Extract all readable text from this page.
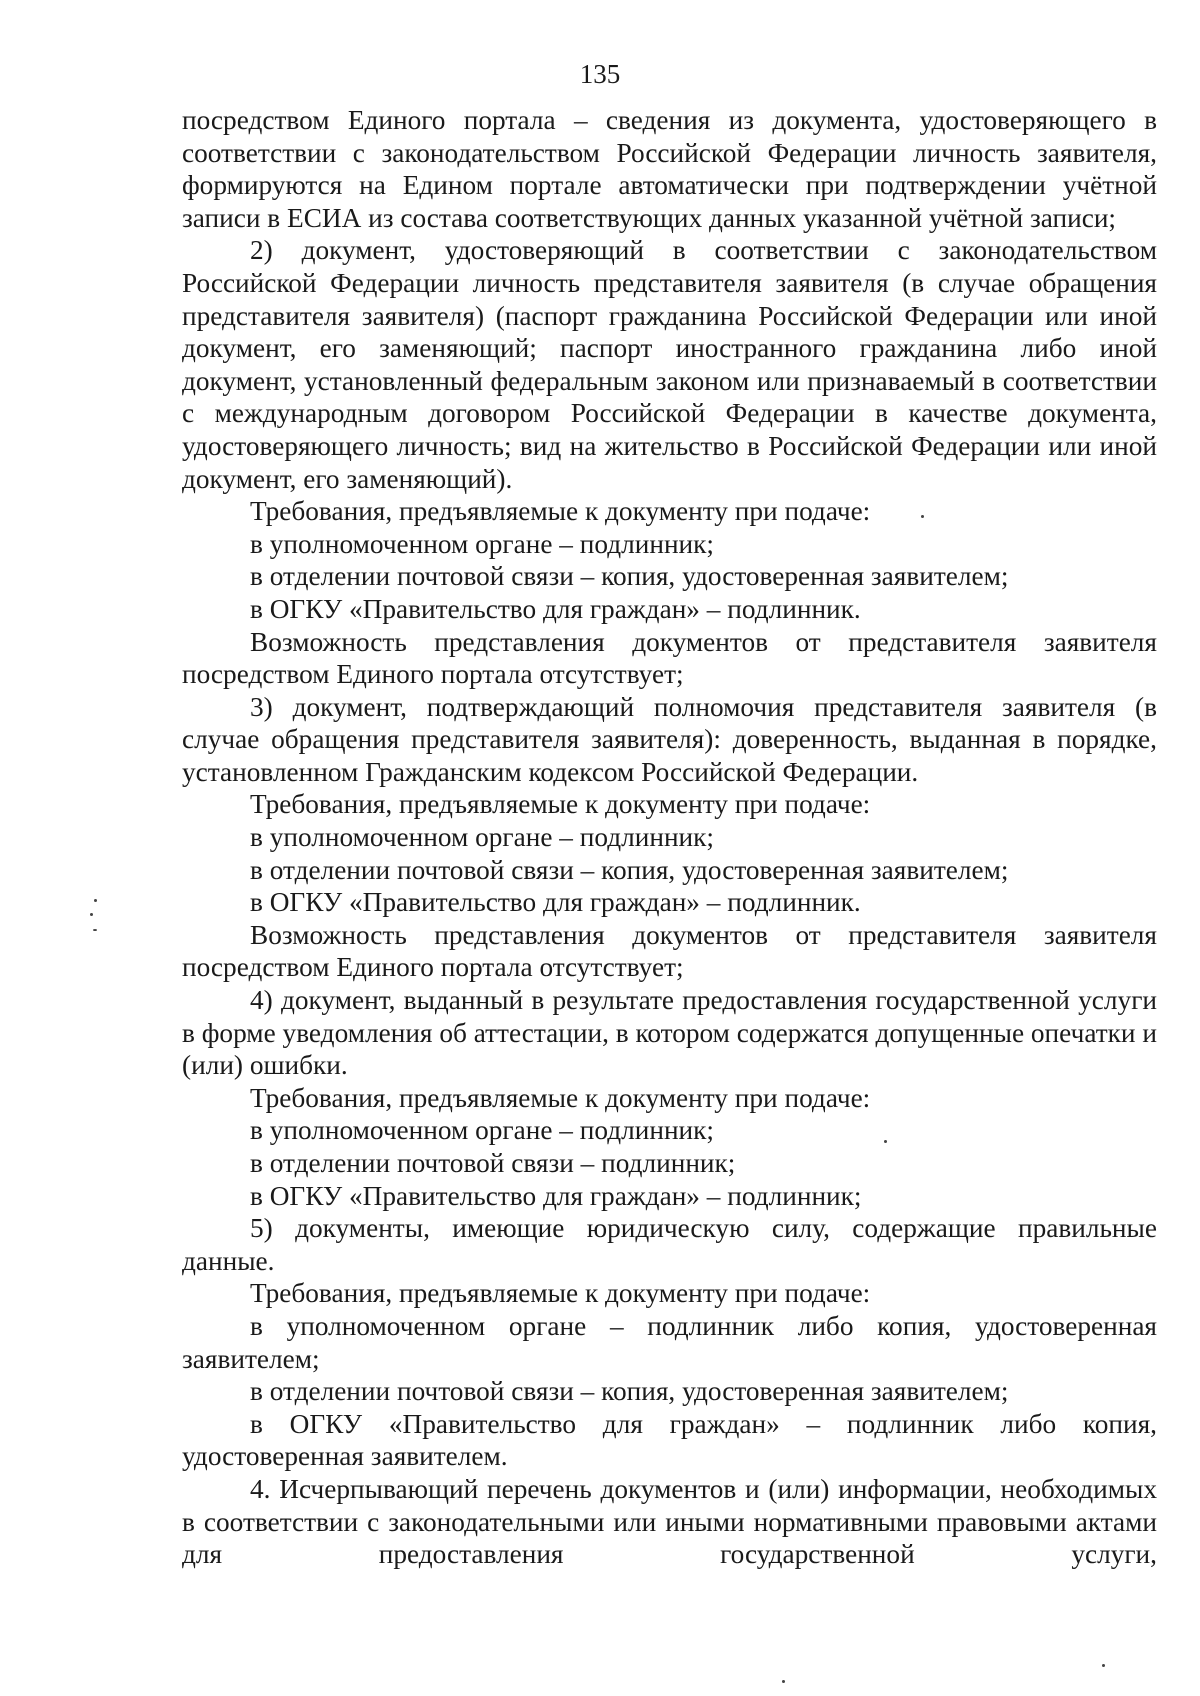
135

посредством Единого портала – сведения из документа, удостоверяющего в соответствии с законодательством Российской Федерации личность заявителя, формируются на Едином портале автоматически при подтверждении учётной записи в ЕСИА из состава соответствующих данных указанной учётной записи;

2) документ, удостоверяющий в соответствии с законодательством Российской Федерации личность представителя заявителя (в случае обращения представителя заявителя) (паспорт гражданина Российской Федерации или иной документ, его заменяющий; паспорт иностранного гражданина либо иной документ, установленный федеральным законом или признаваемый в соответствии с международным договором Российской Федерации в качестве документа, удостоверяющего личность; вид на жительство в Российской Федерации или иной документ, его заменяющий).

Требования, предъявляемые к документу при подаче:

в уполномоченном органе – подлинник;

в отделении почтовой связи – копия, удостоверенная заявителем;

в ОГКУ «Правительство для граждан» – подлинник.

Возможность представления документов от представителя заявителя посредством Единого портала отсутствует;

3) документ, подтверждающий полномочия представителя заявителя (в случае обращения представителя заявителя): доверенность, выданная в порядке, установленном Гражданским кодексом Российской Федерации.

Требования, предъявляемые к документу при подаче:

в уполномоченном органе – подлинник;

в отделении почтовой связи – копия, удостоверенная заявителем;

в ОГКУ «Правительство для граждан» – подлинник.

Возможность представления документов от представителя заявителя посредством Единого портала отсутствует;

4) документ, выданный в результате предоставления государственной услуги в форме уведомления об аттестации, в котором содержатся допущенные опечатки и (или) ошибки.

Требования, предъявляемые к документу при подаче:

в уполномоченном органе – подлинник;

в отделении почтовой связи – подлинник;

в ОГКУ «Правительство для граждан» – подлинник;

5) документы, имеющие юридическую силу, содержащие правильные данные.

Требования, предъявляемые к документу при подаче:

в уполномоченном органе – подлинник либо копия, удостоверенная заявителем;

в отделении почтовой связи – копия, удостоверенная заявителем;

в ОГКУ «Правительство для граждан» – подлинник либо копия, удостоверенная заявителем.

4. Исчерпывающий перечень документов и (или) информации, необходимых в соответствии с законодательными или иными нормативными правовыми актами для предоставления государственной услуги,
